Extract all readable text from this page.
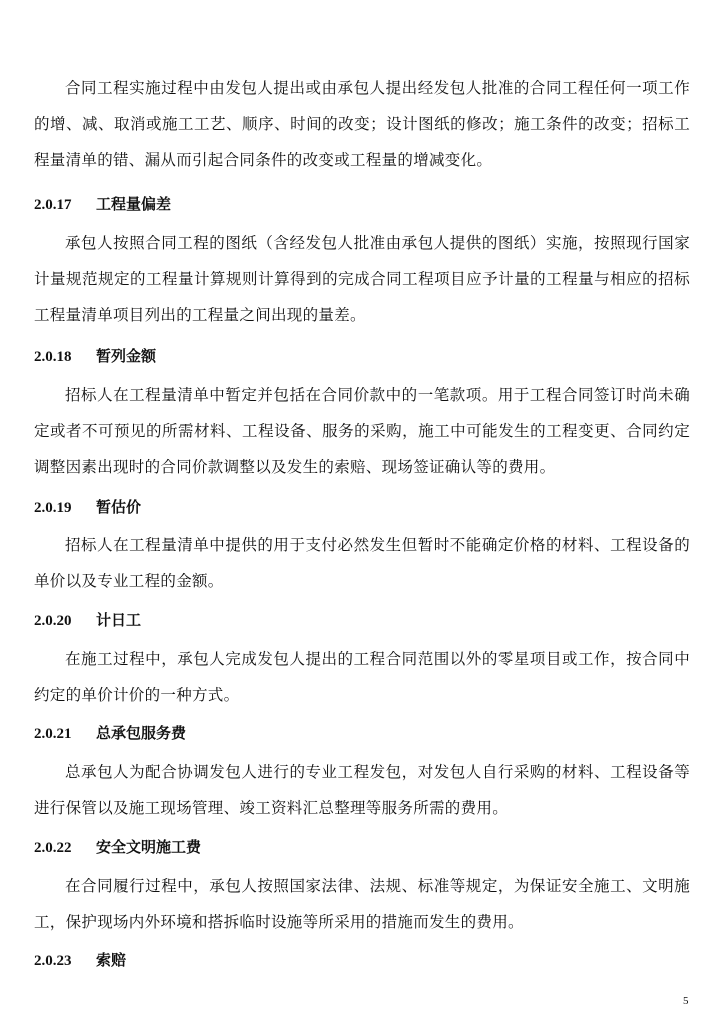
合同工程实施过程中由发包人提出或由承包人提出经发包人批准的合同工程任何一项工作的增、减、取消或施工工艺、顺序、时间的改变；设计图纸的修改；施工条件的改变；招标工程量清单的错、漏从而引起合同条件的改变或工程量的增减变化。
2.0.17 工程量偏差
承包人按照合同工程的图纸（含经发包人批准由承包人提供的图纸）实施，按照现行国家计量规范规定的工程量计算规则计算得到的完成合同工程项目应予计量的工程量与相应的招标工程量清单项目列出的工程量之间出现的量差。
2.0.18 暂列金额
招标人在工程量清单中暂定并包括在合同价款中的一笔款项。用于工程合同签订时尚未确定或者不可预见的所需材料、工程设备、服务的采购，施工中可能发生的工程变更、合同约定调整因素出现时的合同价款调整以及发生的索赔、现场签证确认等的费用。
2.0.19 暂估价
招标人在工程量清单中提供的用于支付必然发生但暂时不能确定价格的材料、工程设备的单价以及专业工程的金额。
2.0.20 计日工
在施工过程中，承包人完成发包人提出的工程合同范围以外的零星项目或工作，按合同中约定的单价计价的一种方式。
2.0.21 总承包服务费
总承包人为配合协调发包人进行的专业工程发包，对发包人自行采购的材料、工程设备等进行保管以及施工现场管理、竣工资料汇总整理等服务所需的费用。
2.0.22 安全文明施工费
在合同履行过程中，承包人按照国家法律、法规、标准等规定，为保证安全施工、文明施工，保护现场内外环境和搭拆临时设施等所采用的措施而发生的费用。
2.0.23 索赔
5
